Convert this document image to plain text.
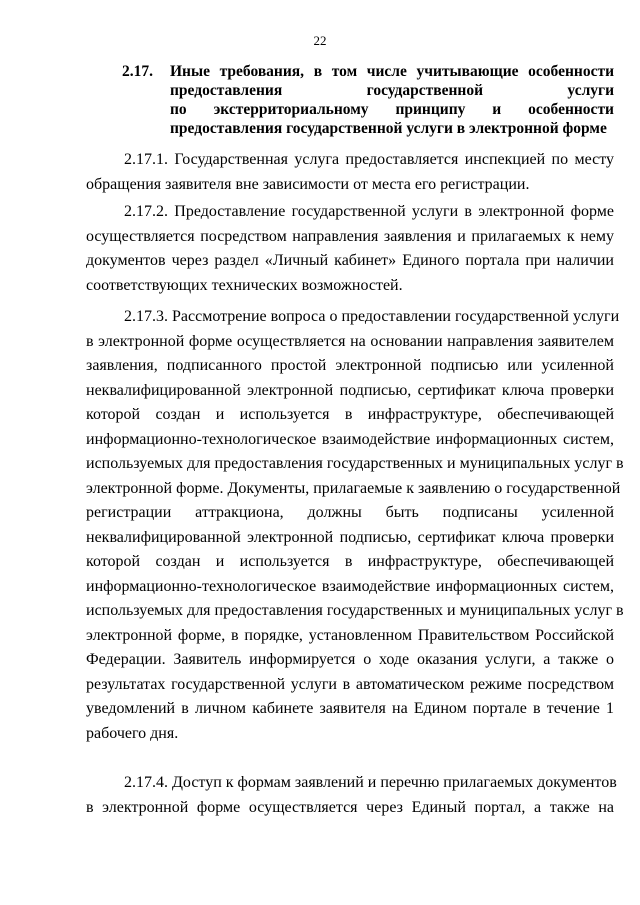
22
2.17.	Иные требования, в том числе учитывающие особенности
предоставления государственной услуги
по экстерриториальному принципу и особенности
предоставления государственной услуги в электронной форме
2.17.1. Государственная услуга предоставляется инспекцией по месту
обращения заявителя вне зависимости от места его регистрации.
2.17.2. Предоставление государственной услуги в электронной форме
осуществляется посредством направления заявления и прилагаемых к нему
документов через раздел «Личный кабинет» Единого портала при наличии
соответствующих технических возможностей.
2.17.3. Рассмотрение вопроса о предоставлении государственной услуги
в электронной форме осуществляется на основании направления заявителем
заявления, подписанного простой электронной подписью или усиленной
неквалифицированной электронной подписью, сертификат ключа проверки
которой создан и используется в инфраструктуре, обеспечивающей
информационно-технологическое взаимодействие информационных систем,
используемых для предоставления государственных и муниципальных услуг в
электронной форме. Документы, прилагаемые к заявлению о государственной
регистрации аттракциона, должны быть подписаны усиленной
неквалифицированной электронной подписью, сертификат ключа проверки
которой создан и используется в инфраструктуре, обеспечивающей
информационно-технологическое взаимодействие информационных систем,
используемых для предоставления государственных и муниципальных услуг в
электронной форме, в порядке, установленном Правительством Российской
Федерации. Заявитель информируется о ходе оказания услуги, а также о
результатах государственной услуги в автоматическом режиме посредством
уведомлений в личном кабинете заявителя на Едином портале в течение 1
рабочего дня.
2.17.4. Доступ к формам заявлений и перечню прилагаемых документов
в электронной форме осуществляется через Единый портал, а также на
